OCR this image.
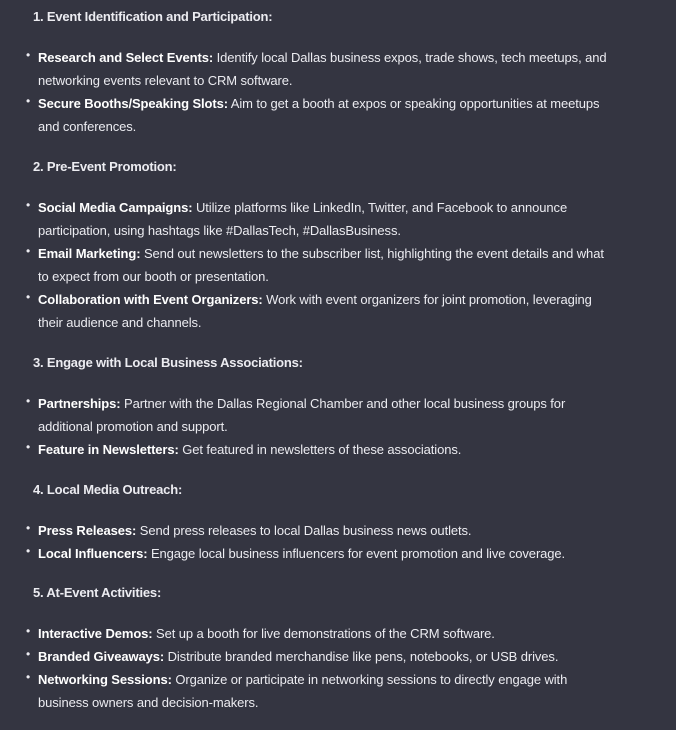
1. Event Identification and Participation:
• Research and Select Events: Identify local Dallas business expos, trade shows, tech meetups, and networking events relevant to CRM software.
• Secure Booths/Speaking Slots: Aim to get a booth at expos or speaking opportunities at meetups and conferences.
2. Pre-Event Promotion:
• Social Media Campaigns: Utilize platforms like LinkedIn, Twitter, and Facebook to announce participation, using hashtags like #DallasTech, #DallasBusiness.
• Email Marketing: Send out newsletters to the subscriber list, highlighting the event details and what to expect from our booth or presentation.
• Collaboration with Event Organizers: Work with event organizers for joint promotion, leveraging their audience and channels.
3. Engage with Local Business Associations:
• Partnerships: Partner with the Dallas Regional Chamber and other local business groups for additional promotion and support.
• Feature in Newsletters: Get featured in newsletters of these associations.
4. Local Media Outreach:
• Press Releases: Send press releases to local Dallas business news outlets.
• Local Influencers: Engage local business influencers for event promotion and live coverage.
5. At-Event Activities:
• Interactive Demos: Set up a booth for live demonstrations of the CRM software.
• Branded Giveaways: Distribute branded merchandise like pens, notebooks, or USB drives.
• Networking Sessions: Organize or participate in networking sessions to directly engage with business owners and decision-makers.
